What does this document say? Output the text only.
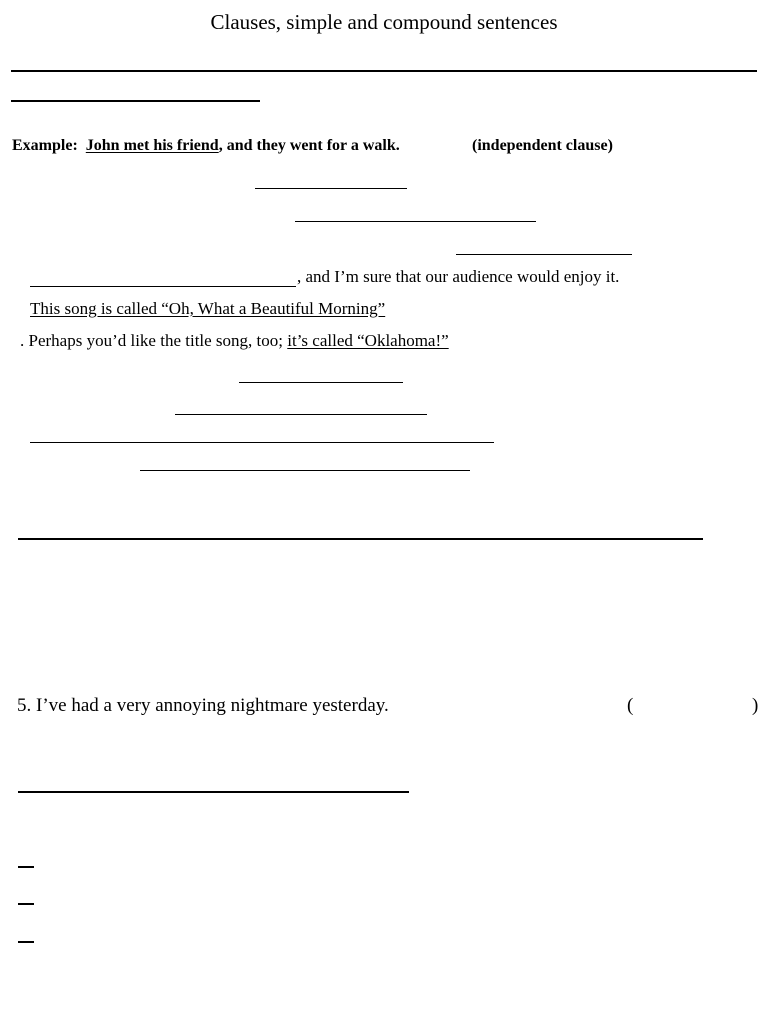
Clauses, simple and compound sentences
Example: John met his friend, and they went for a walk.	(independent clause)
, and I’m sure that our audience would enjoy it.
This song is called “Oh, What a Beautiful Morning”
. Perhaps you’d like the title song, too; it’s called “Oklahoma!”
5. I’ve had a very annoying nightmare yesterday.	(	)
